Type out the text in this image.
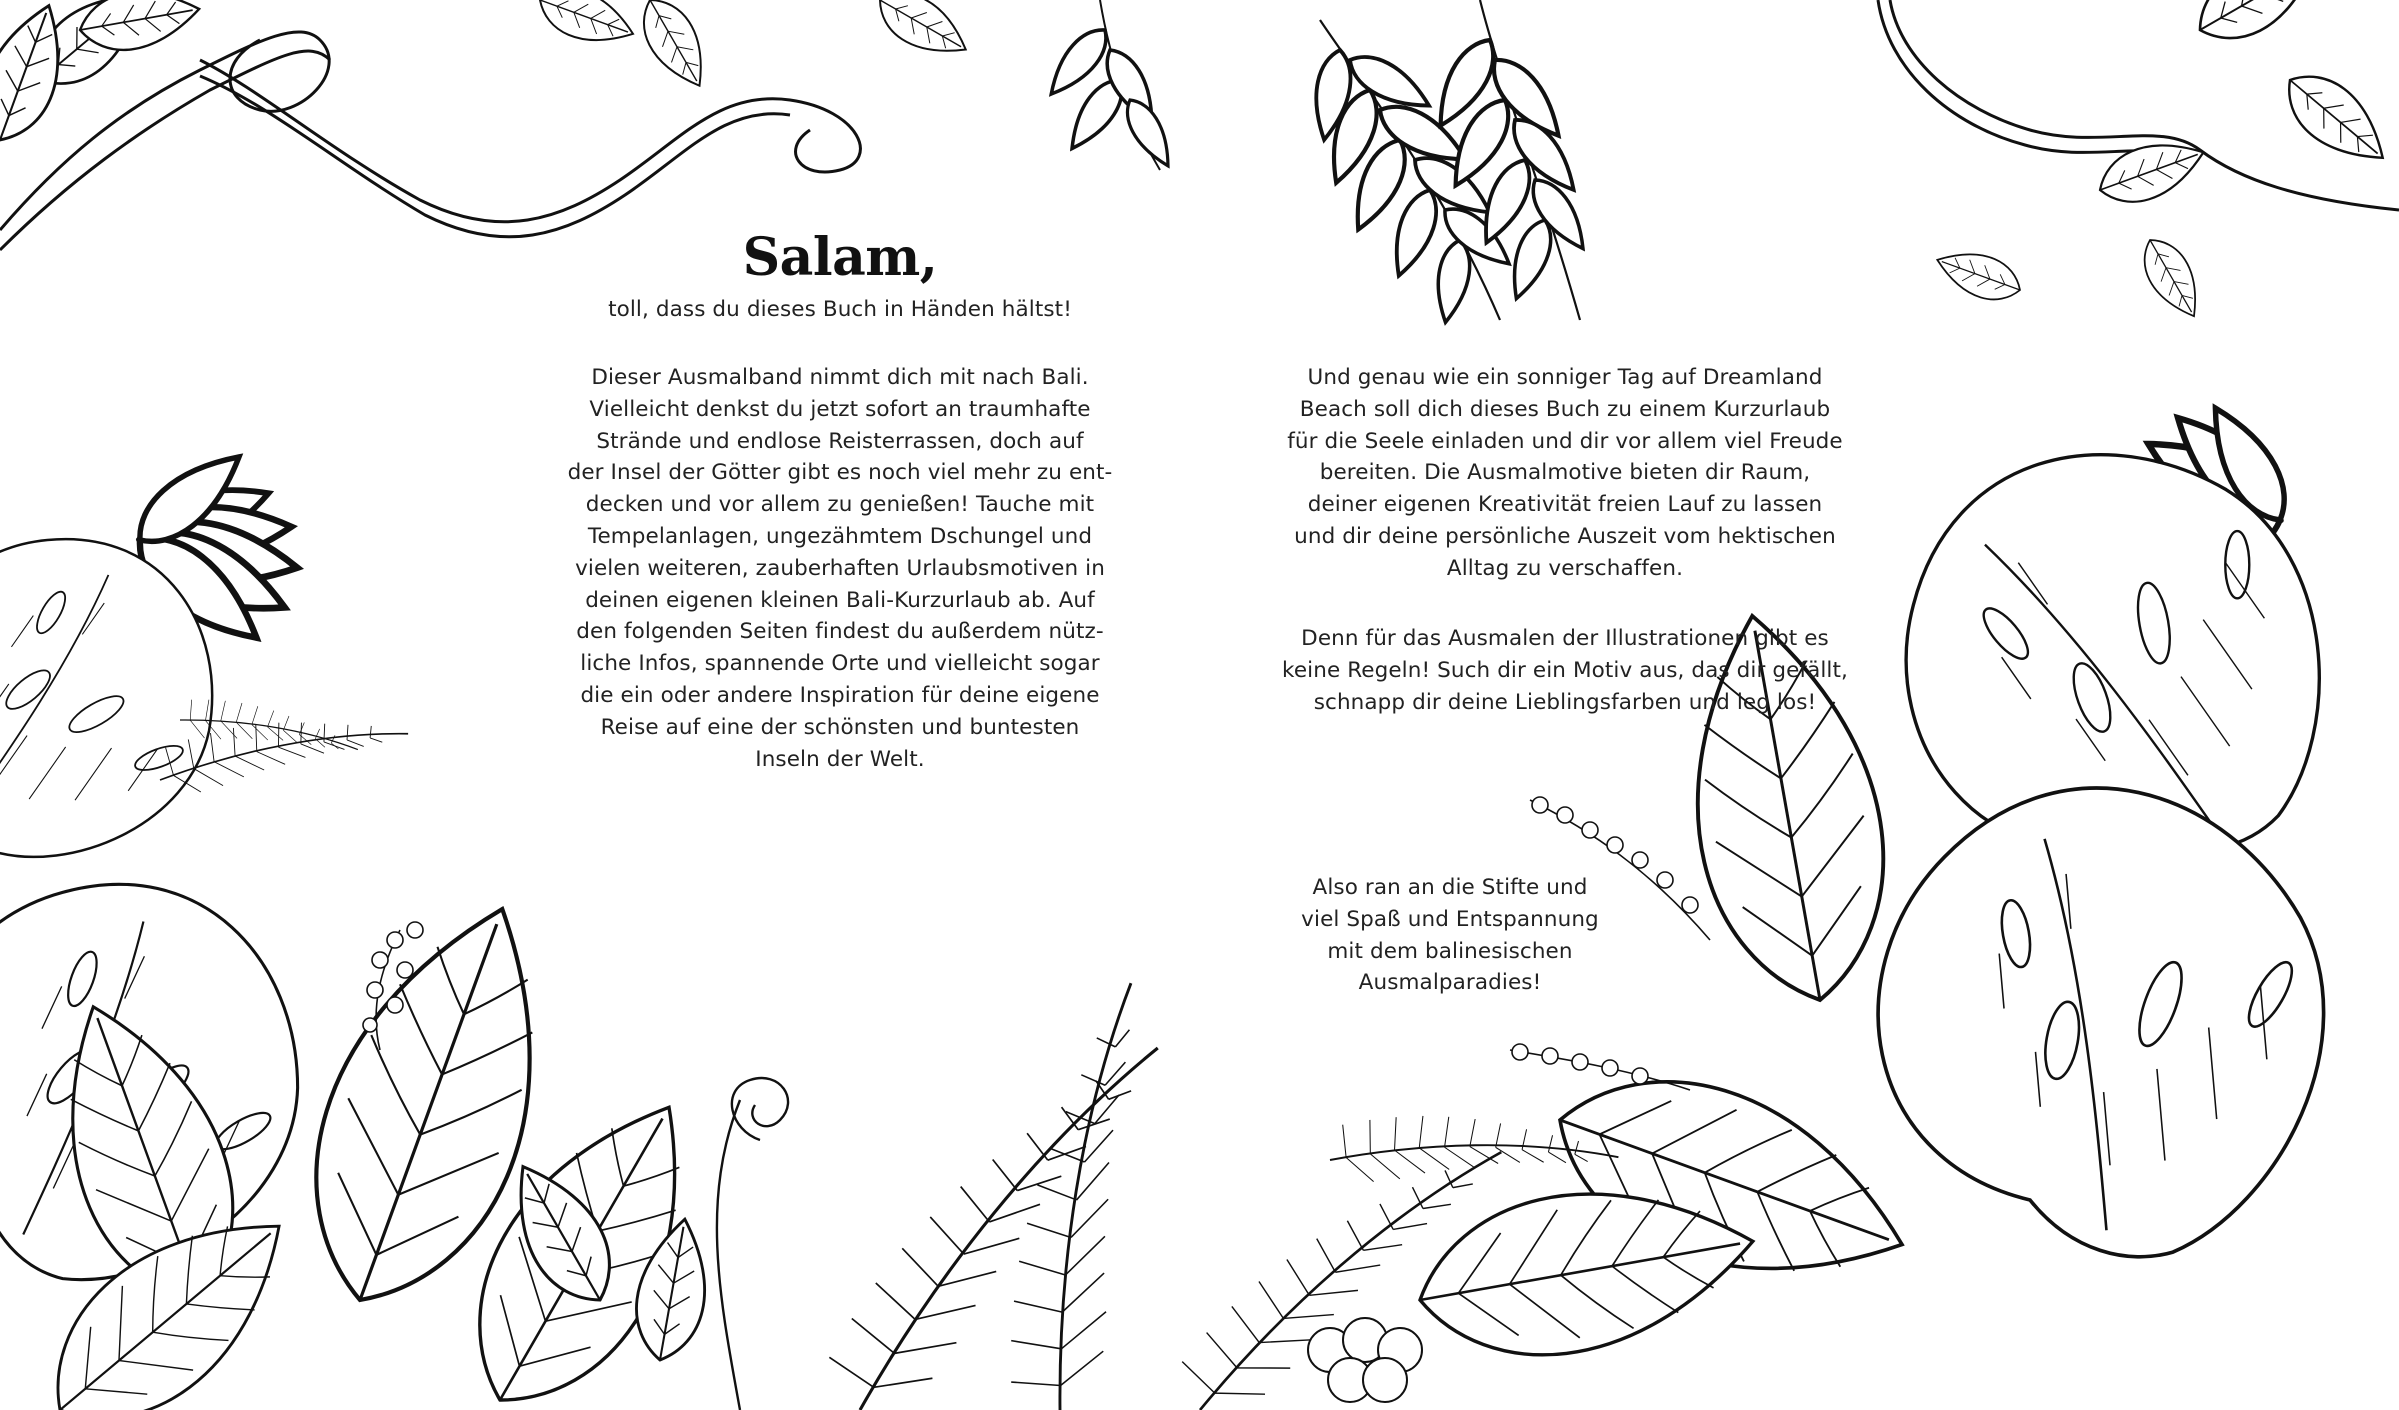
Salam,
toll, dass du dieses Buch in Händen hältst!
Dieser Ausmalband nimmt dich mit nach Bali.
Vielleicht denkst du jetzt sofort an traumhafte
Strände und endlose Reisterrassen, doch auf
der Insel der Götter gibt es noch viel mehr zu ent-
decken und vor allem zu genießen! Tauche mit
Tempelanlagen, ungezähmtem Dschungel und
vielen weiteren, zauberhaften Urlaubsmotiven in
deinen eigenen kleinen Bali-Kurzurlaub ab. Auf
den folgenden Seiten findest du außerdem nütz-
liche Infos, spannende Orte und vielleicht sogar
die ein oder andere Inspiration für deine eigene
Reise auf eine der schönsten und buntesten
Inseln der Welt.
Und genau wie ein sonniger Tag auf Dreamland
Beach soll dich dieses Buch zu einem Kurzurlaub
für die Seele einladen und dir vor allem viel Freude
bereiten. Die Ausmalmotive bieten dir Raum,
deiner eigenen Kreativität freien Lauf zu lassen
und dir deine persönliche Auszeit vom hektischen
Alltag zu verschaffen.
Denn für das Ausmalen der Illustrationen gibt es
keine Regeln! Such dir ein Motiv aus, das dir gefällt,
schnapp dir deine Lieblingsfarben und leg los!
Also ran an die Stifte und
viel Spaß und Entspannung
mit dem balinesischen
Ausmalparadies!
